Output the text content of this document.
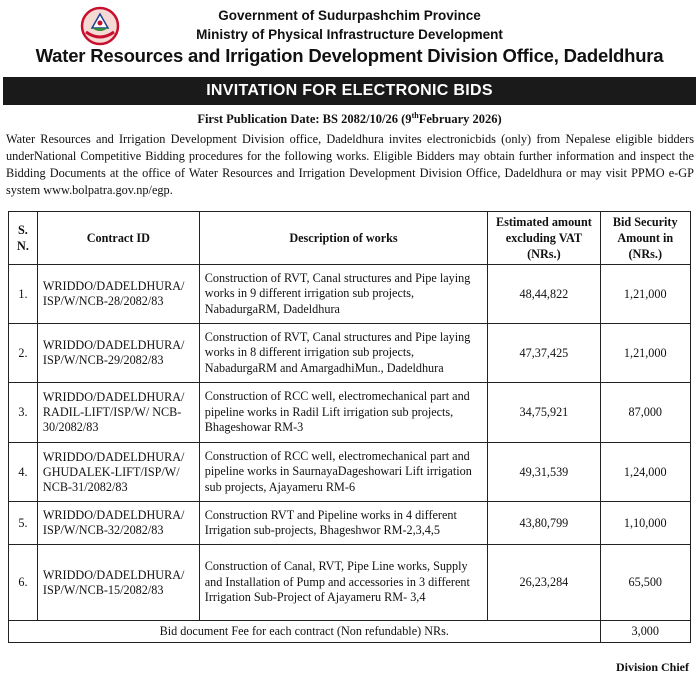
Government of Sudurpashchim Province
Ministry of Physical Infrastructure Development
Water Resources and Irrigation Development Division Office, Dadeldhura
INVITATION FOR ELECTRONIC BIDS
First Publication Date: BS 2082/10/26 (9thFebruary 2026)
Water Resources and Irrigation Development Division office, Dadeldhura invites electronicbids (only) from Nepalese eligible bidders underNational Competitive Bidding procedures for the following works. Eligible Bidders may obtain further information and inspect the Bidding Documents at the office of Water Resources and Irrigation Development Division Office, Dadeldhura or may visit PPMO e-GP system www.bolpatra.gov.np/egp.
S. N.	Contract ID	Description of works	Estimated amount excluding VAT (NRs.)	Bid Security Amount in (NRs.)
1.	WRIDDO/DADELDHURA/ ISP/W/NCB-28/2082/83	Construction of RVT, Canal structures and Pipe laying works in 9 different irrigation sub projects, NabadurgaRM, Dadeldhura	48,44,822	1,21,000
2.	WRIDDO/DADELDHURA/ ISP/W/NCB-29/2082/83	Construction of RVT, Canal structures and Pipe laying works in 8 different irrigation sub projects, NabadurgaRM and AmargadhiMun., Dadeldhura	47,37,425	1,21,000
3.	WRIDDO/DADELDHURA/ RADIL-LIFT/ISP/W/ NCB-30/2082/83	Construction of RCC well, electromechanical part and pipeline works in Radil Lift irrigation sub projects, Bhageshowar RM-3	34,75,921	87,000
4.	WRIDDO/DADELDHURA/ GHUDALEK-LIFT/ISP/W/ NCB-31/2082/83	Construction of RCC well, electromechanical part and pipeline works in SaurnayaDageshowari Lift irrigation sub projects, Ajayameru RM-6	49,31,539	1,24,000
5.	WRIDDO/DADELDHURA/ ISP/W/NCB-32/2082/83	Construction RVT and Pipeline works in 4 different Irrigation sub-projects, Bhageshwor RM-2,3,4,5	43,80,799	1,10,000
6.	WRIDDO/DADELDHURA/ ISP/W/NCB-15/2082/83	Construction of Canal, RVT, Pipe Line works, Supply and Installation of Pump and accessories in 3 different Irrigation Sub-Project of Ajayameru RM- 3,4	26,23,284	65,500
Bid document Fee for each contract (Non refundable) NRs.				3,000
Division Chief
